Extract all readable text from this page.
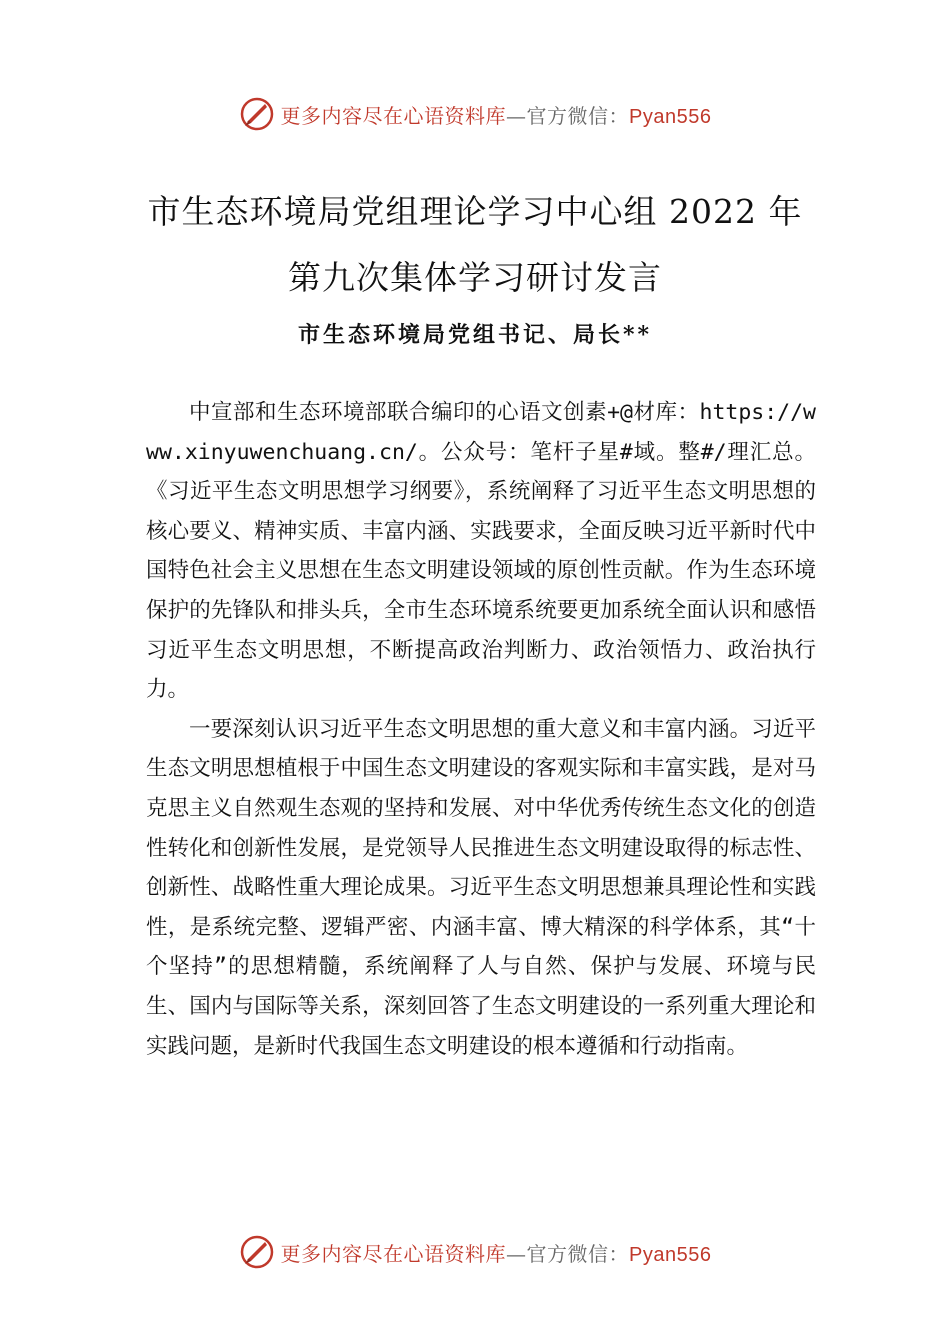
更多内容尽在心语资料库—官方微信：Pyan556
市生态环境局党组理论学习中心组 2022 年
第九次集体学习研讨发言
市生态环境局党组书记、局长**

中宣部和生态环境部联合编印的心语文创素+@材库：https://www.xinyuwenchuang.cn/。公众号：笔杆子星#域。整#/理汇总。《习近平生态文明思想学习纲要》，系统阐释了习近平生态文明思想的核心要义、精神实质、丰富内涵、实践要求，全面反映习近平新时代中国特色社会主义思想在生态文明建设领域的原创性贡献。作为生态环境保护的先锋队和排头兵，全市生态环境系统要更加系统全面认识和感悟习近平生态文明思想，不断提高政治判断力、政治领悟力、政治执行力。

一要深刻认识习近平生态文明思想的重大意义和丰富内涵。习近平生态文明思想植根于中国生态文明建设的客观实际和丰富实践，是对马克思主义自然观生态观的坚持和发展、对中华优秀传统生态文化的创造性转化和创新性发展，是党领导人民推进生态文明建设取得的标志性、创新性、战略性重大理论成果。习近平生态文明思想兼具理论性和实践性，是系统完整、逻辑严密、内涵丰富、博大精深的科学体系，其“十个坚持”的思想精髓，系统阐释了人与自然、保护与发展、环境与民生、国内与国际等关系，深刻回答了生态文明建设的一系列重大理论和实践问题，是新时代我国生态文明建设的根本遵循和行动指南。

更多内容尽在心语资料库—官方微信：Pyan556
